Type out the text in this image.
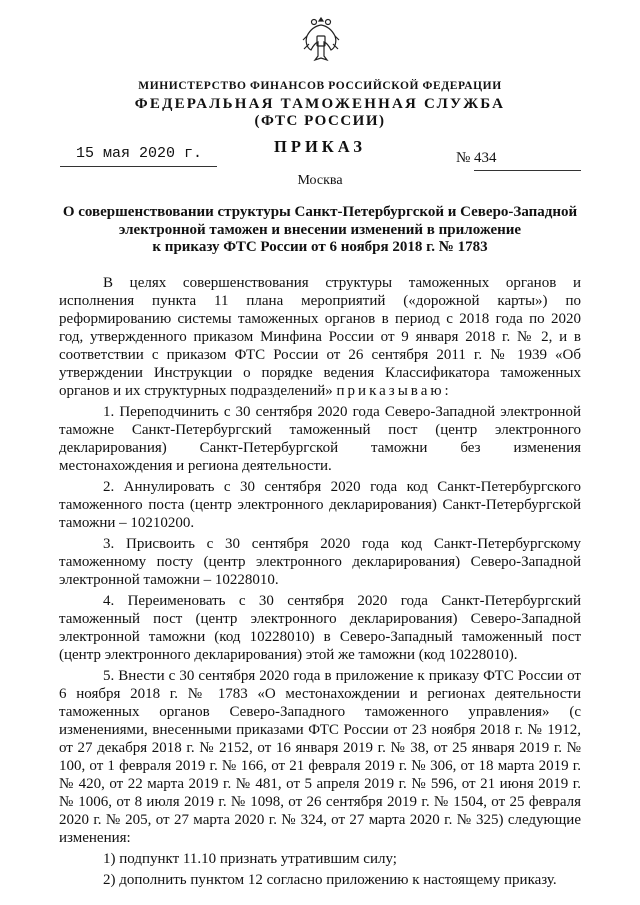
МИНИСТЕРСТВО ФИНАНСОВ РОССИЙСКОЙ ФЕДЕРАЦИИ
ФЕДЕРАЛЬНАЯ ТАМОЖЕННАЯ СЛУЖБА
(ФТС РОССИИ)
ПРИКАЗ
15 мая 2020 г.	№ 434
Москва
О совершенствовании структуры Санкт-Петербургской и Северо-Западной
электронной таможен и внесении изменений в приложение
к приказу ФТС России от 6 ноября 2018 г. № 1783

В целях совершенствования структуры таможенных органов и исполнения пункта 11 плана мероприятий («дорожной карты») по реформированию системы таможенных органов в период с 2018 года по 2020 год, утвержденного приказом Минфина России от 9 января 2018 г. № 2, и в соответствии с приказом ФТС России от 26 сентября 2011 г. № 1939 «Об утверждении Инструкции о порядке ведения Классификатора таможенных органов и их структурных подразделений» приказываю:

1. Переподчинить с 30 сентября 2020 года Северо-Западной электронной таможне Санкт-Петербургский таможенный пост (центр электронного декларирования) Санкт-Петербургской таможни без изменения местонахождения и региона деятельности.

2. Аннулировать с 30 сентября 2020 года код Санкт-Петербургского таможенного поста (центр электронного декларирования) Санкт-Петербургской таможни – 10210200.

3. Присвоить с 30 сентября 2020 года код Санкт-Петербургскому таможенному посту (центр электронного декларирования) Северо-Западной электронной таможни – 10228010.

4. Переименовать с 30 сентября 2020 года Санкт-Петербургский таможенный пост (центр электронного декларирования) Северо-Западной электронной таможни (код 10228010) в Северо-Западный таможенный пост (центр электронного декларирования) этой же таможни (код 10228010).

5. Внести с 30 сентября 2020 года в приложение к приказу ФТС России от 6 ноября 2018 г. № 1783 «О местонахождении и регионах деятельности таможенных органов Северо-Западного таможенного управления» (с изменениями, внесенными приказами ФТС России от 23 ноября 2018 г. № 1912, от 27 декабря 2018 г. № 2152, от 16 января 2019 г. № 38, от 25 января 2019 г. № 100, от 1 февраля 2019 г. № 166, от 21 февраля 2019 г. № 306, от 18 марта 2019 г. № 420, от 22 марта 2019 г. № 481, от 5 апреля 2019 г. № 596, от 21 июня 2019 г. № 1006, от 8 июля 2019 г. № 1098, от 26 сентября 2019 г. № 1504, от 25 февраля 2020 г. № 205, от 27 марта 2020 г. № 324, от 27 марта 2020 г. № 325) следующие изменения:

1) подпункт 11.10 признать утратившим силу;

2) дополнить пунктом 12 согласно приложению к настоящему приказу.
